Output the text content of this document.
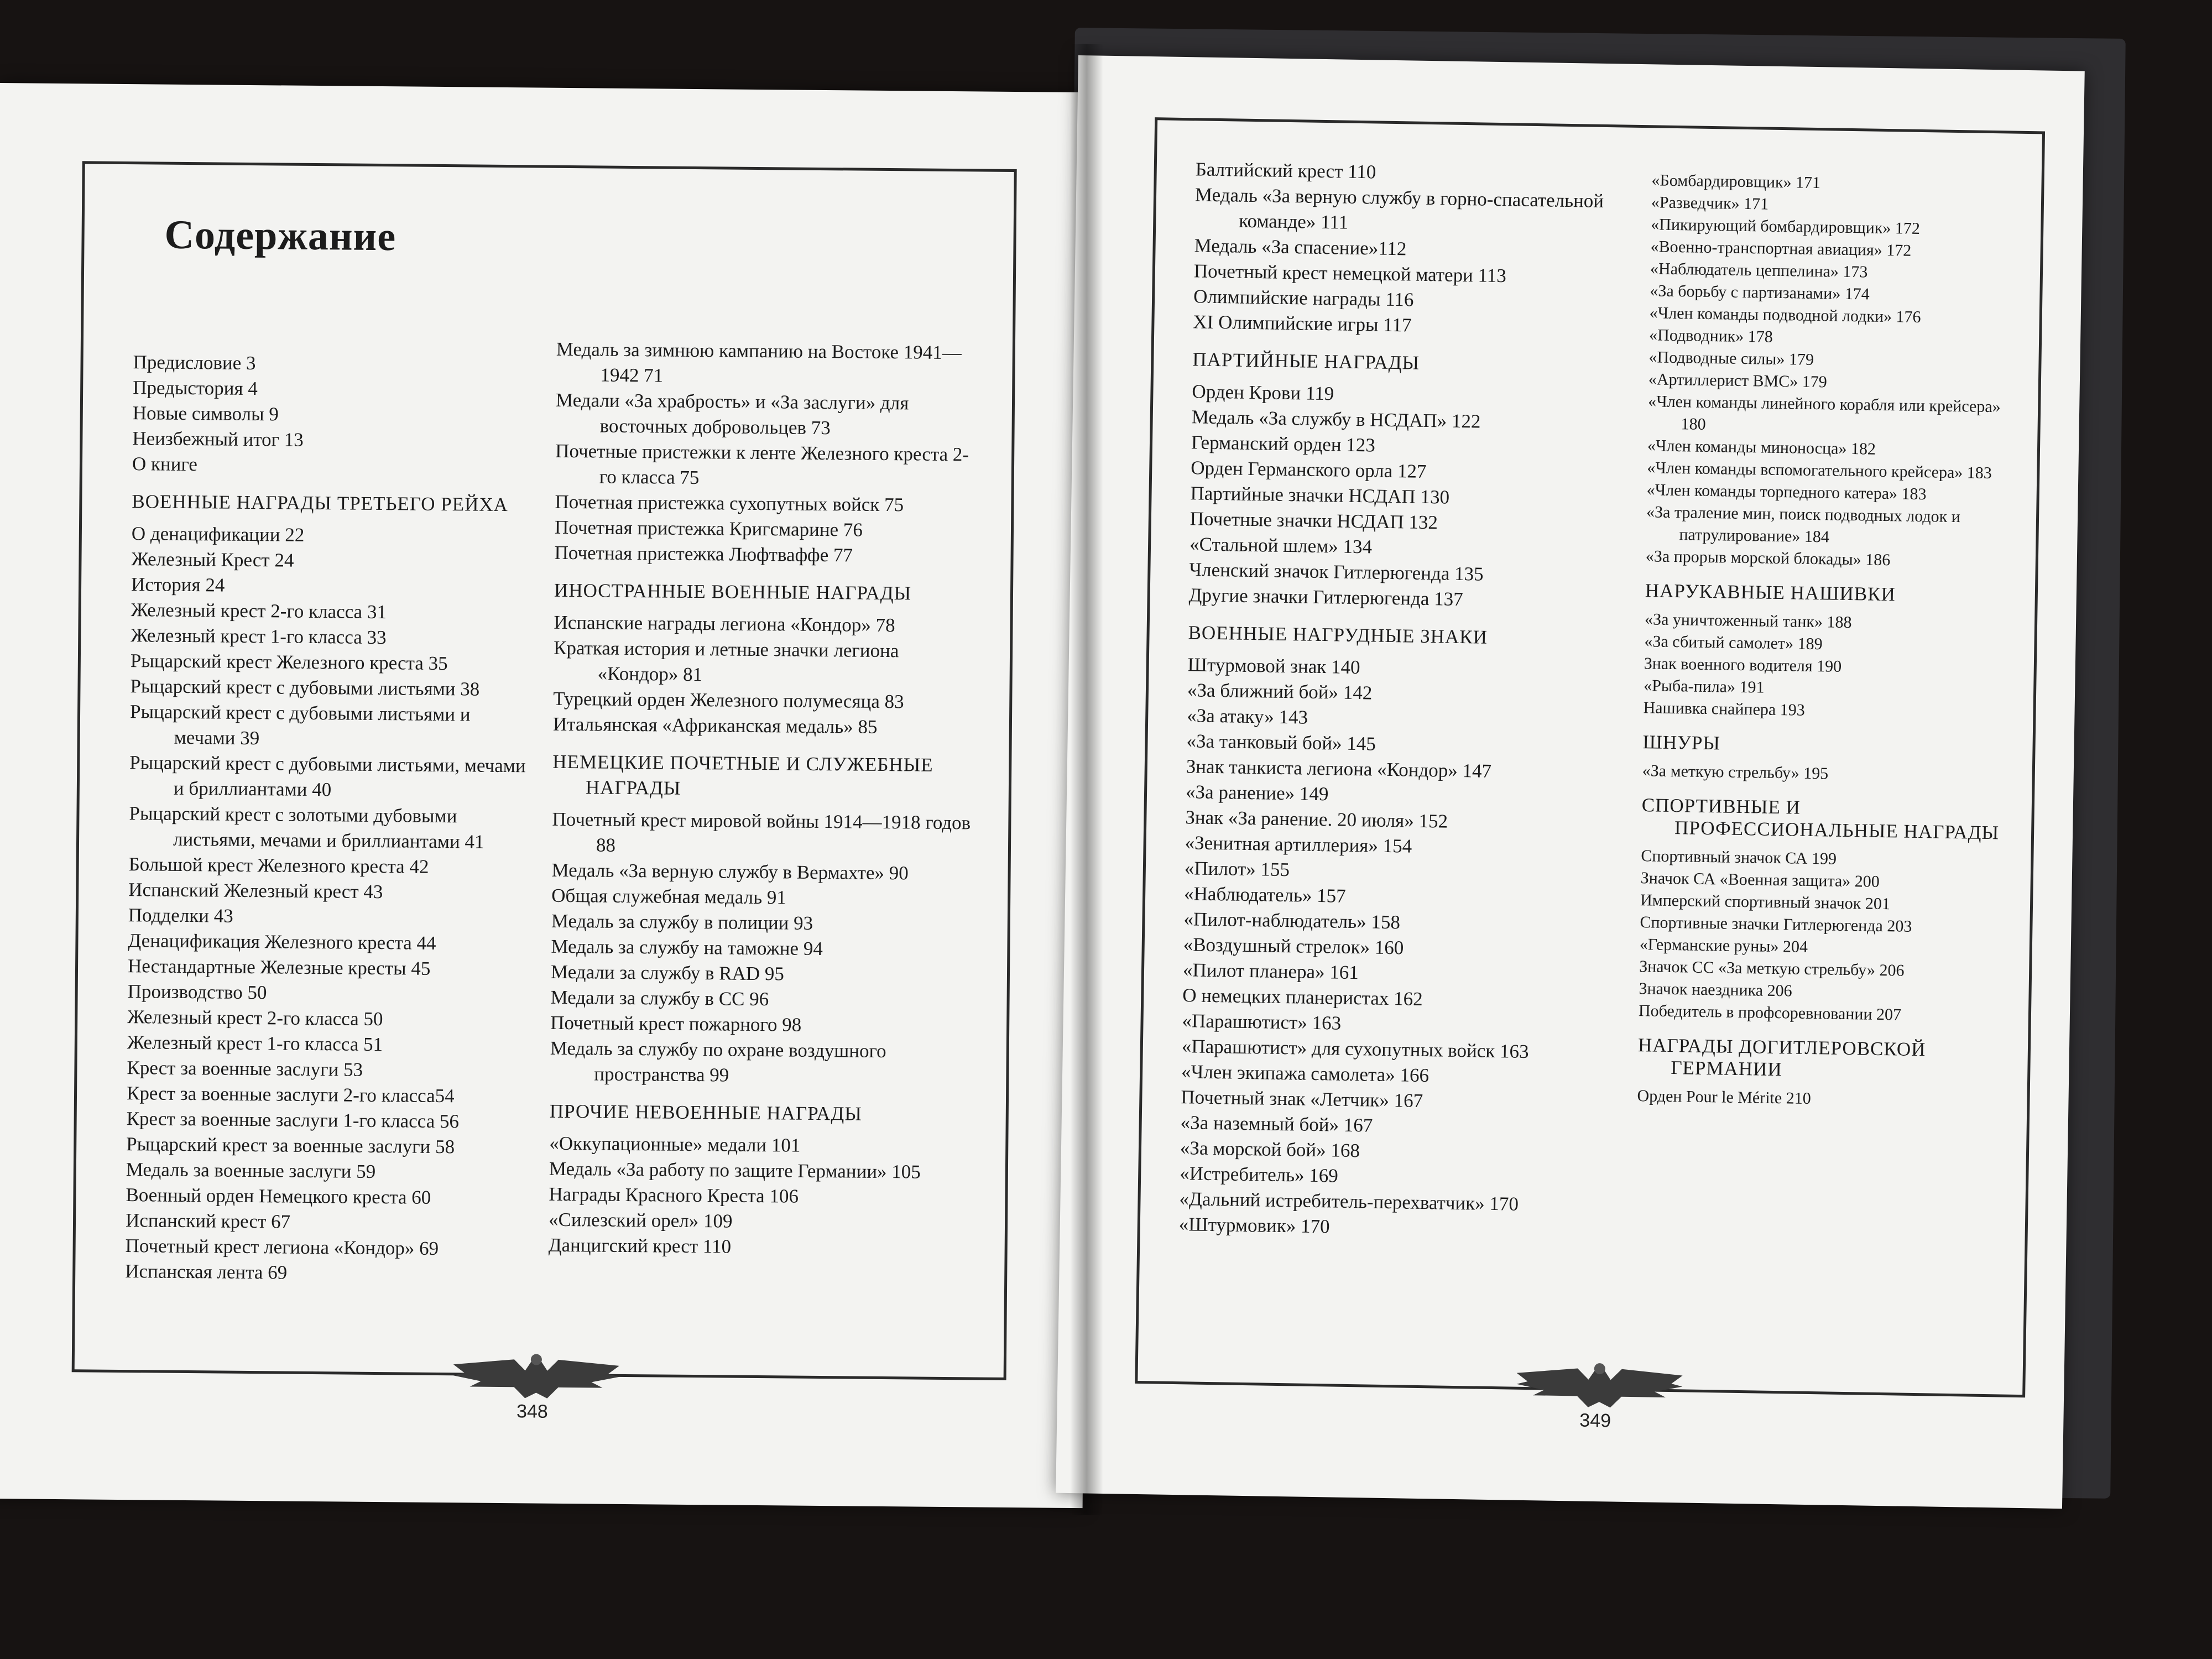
Содержание
Предисловие 3
Предыстория 4
Новые символы 9
Неизбежный итог 13
О книге
ВОЕННЫЕ НАГРАДЫ ТРЕТЬЕГО РЕЙХА
О денацификации 22
Железный Крест 24
История 24
Железный крест 2-го класса 31
Железный крест 1-го класса 33
Рыцарский крест Железного креста 35
Рыцарский крест с дубовыми листьями 38
Рыцарский крест с дубовыми листьями и мечами 39
Рыцарский крест с дубовыми листьями, мечами и бриллиантами 40
Рыцарский крест с золотыми дубовыми листьями, мечами и бриллиантами 41
Большой крест Железного креста 42
Испанский Железный крест 43
Подделки 43
Денацификация Железного креста 44
Нестандартные Железные кресты 45
Производство 50
Железный крест 2-го класса 50
Железный крест 1-го класса 51
Крест за военные заслуги 53
Крест за военные заслуги 2-го класса54
Крест за военные заслуги 1-го класса 56
Рыцарский крест за военные заслуги 58
Медаль за военные заслуги 59
Военный орден Немецкого креста 60
Испанский крест 67
Почетный крест легиона «Кондор» 69
Испанская лента 69
Медаль за зимнюю кампанию на Востоке 1941—1942 71
Медали «За храбрость» и «За заслуги» для восточных добровольцев 73
Почетные пристежки к ленте Железного креста 2-го класса 75
Почетная пристежка сухопутных войск 75
Почетная пристежка Кригсмарине 76
Почетная пристежка Люфтваффе 77
ИНОСТРАННЫЕ ВОЕННЫЕ НАГРАДЫ
Испанские награды легиона «Кондор» 78
Краткая история и летные значки легиона «Кондор» 81
Турецкий орден Железного полумесяца 83
Итальянская «Африканская медаль» 85
НЕМЕЦКИЕ ПОЧЕТНЫЕ И СЛУЖЕБНЫЕ НАГРАДЫ
Почетный крест мировой войны 1914—1918 годов 88
Медаль «За верную службу в Вермахте» 90
Общая служебная медаль 91
Медаль за службу в полиции 93
Медаль за службу на таможне 94
Медали за службу в RAD 95
Медали за службу в СС 96
Почетный крест пожарного 98
Медаль за службу по охране воздушного пространства 99
ПРОЧИЕ НЕВОЕННЫЕ НАГРАДЫ
«Оккупационные» медали 101
Медаль «За работу по защите Германии» 105
Награды Красного Креста 106
«Силезский орел» 109
Данцигский крест 110
348
Балтийский крест 110
Медаль «За верную службу в горно-спасательной команде» 111
Медаль «За спасение»112
Почетный крест немецкой матери 113
Олимпийские награды 116
XI Олимпийские игры 117
ПАРТИЙНЫЕ НАГРАДЫ
Орден Крови 119
Медаль «За службу в НСДАП» 122
Германский орден 123
Орден Германского орла 127
Партийные значки НСДАП 130
Почетные значки НСДАП 132
«Стальной шлем» 134
Членский значок Гитлерюгенда 135
Другие значки Гитлерюгенда 137
ВОЕННЫЕ НАГРУДНЫЕ ЗНАКИ
Штурмовой знак 140
«За ближний бой» 142
«За атаку» 143
«За танковый бой» 145
Знак танкиста легиона «Кондор» 147
«За ранение» 149
Знак «За ранение. 20 июля» 152
«Зенитная артиллерия» 154
«Пилот» 155
«Наблюдатель» 157
«Пилот-наблюдатель» 158
«Воздушный стрелок» 160
«Пилот планера» 161
О немецких планеристах 162
«Парашютист» 163
«Парашютист» для сухопутных войск 163
«Член экипажа самолета» 166
Почетный знак «Летчик» 167
«За наземный бой» 167
«За морской бой» 168
«Истребитель» 169
«Дальний истребитель-перехватчик» 170
«Штурмовик» 170
«Бомбардировщик» 171
«Разведчик» 171
«Пикирующий бомбардировщик» 172
«Военно-транспортная авиация» 172
«Наблюдатель цеппелина» 173
«За борьбу с партизанами» 174
«Член команды подводной лодки» 176
«Подводник» 178
«Подводные силы» 179
«Артиллерист ВМС» 179
«Член команды линейного корабля или крейсера» 180
«Член команды миноносца» 182
«Член команды вспомогательного крейсера» 183
«Член команды торпедного катера» 183
«За траление мин, поиск подводных лодок и патрулирование» 184
«За прорыв морской блокады» 186
НАРУКАВНЫЕ НАШИВКИ
«За уничтоженный танк» 188
«За сбитый самолет» 189
Знак военного водителя 190
«Рыба-пила» 191
Нашивка снайпера 193
ШНУРЫ
«За меткую стрельбу» 195
СПОРТИВНЫЕ И ПРОФЕССИОНАЛЬНЫЕ НАГРАДЫ
Спортивный значок СА 199
Значок СА «Военная защита» 200
Имперский спортивный значок 201
Спортивные значки Гитлерюгенда 203
«Германские руны» 204
Значок СС «За меткую стрельбу» 206
Значок наездника 206
Победитель в профсоревновании 207
НАГРАДЫ ДОГИТЛЕРОВСКОЙ ГЕРМАНИИ
Орден Pour le Mérite 210
349
